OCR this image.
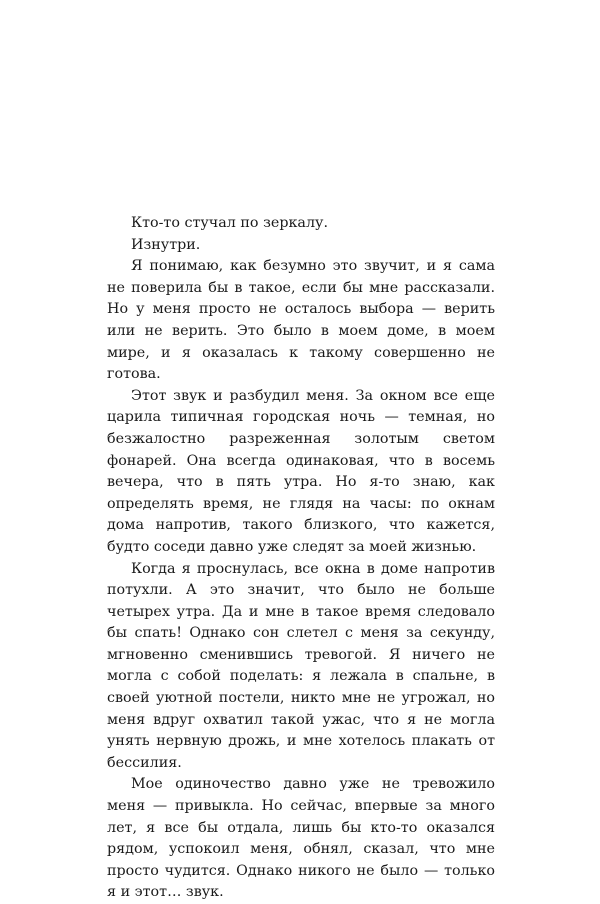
Кто-то стучал по зеркалу.

Изнутри.

Я понимаю, как безумно это звучит, и я сама не поверила бы в такое, если бы мне рассказали. Но у меня просто не осталось выбора — верить или не верить. Это было в моем доме, в моем мире, и я оказалась к такому совершенно не готова.

Этот звук и разбудил меня. За окном все еще царила типичная городская ночь — темная, но безжалостно разреженная золотым светом фонарей. Она всегда одинаковая, что в восемь вечера, что в пять утра. Но я-то знаю, как определять время, не глядя на часы: по окнам дома напротив, такого близкого, что кажется, будто соседи давно уже следят за моей жизнью.

Когда я проснулась, все окна в доме напротив потухли. А это значит, что было не больше четырех утра. Да и мне в такое время следовало бы спать! Однако сон слетел с меня за секунду, мгновенно сменившись тревогой. Я ничего не могла с собой поделать: я лежала в спальне, в своей уютной постели, никто мне не угрожал, но меня вдруг охватил такой ужас, что я не могла унять нервную дрожь, и мне хотелось плакать от бессилия.

Мое одиночество давно уже не тревожило меня — привыкла. Но сейчас, впервые за много лет, я все бы отдала, лишь бы кто-то оказался рядом, успокоил меня, обнял, сказал, что мне просто чудится. Однако никого не было — только я и этот… звук.
